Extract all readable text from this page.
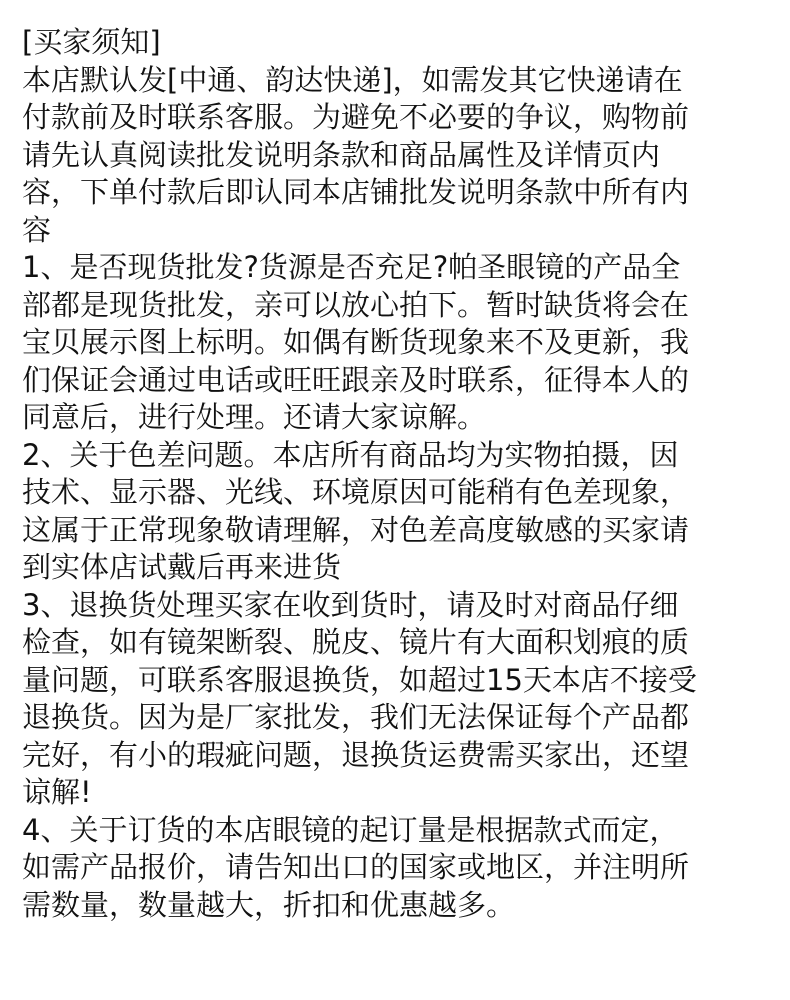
[买家须知]
本店默认发[中通、韵达快递]，如需发其它快递请在
付款前及时联系客服。为避免不必要的争议，购物前
请先认真阅读批发说明条款和商品属性及详情页内
容，下单付款后即认同本店铺批发说明条款中所有内
容
1、是否现货批发?货源是否充足?帕圣眼镜的产品全
部都是现货批发，亲可以放心拍下。暂时缺货将会在
宝贝展示图上标明。如偶有断货现象来不及更新，我
们保证会通过电话或旺旺跟亲及时联系，征得本人的
同意后，进行处理。还请大家谅解。
2、关于色差问题。本店所有商品均为实物拍摄，因
技术、显示器、光线、环境原因可能稍有色差现象，
这属于正常现象敬请理解，对色差高度敏感的买家请
到实体店试戴后再来进货
3、退换货处理买家在收到货时，请及时对商品仔细
检查，如有镜架断裂、脱皮、镜片有大面积划痕的质
量问题，可联系客服退换货，如超过15天本店不接受
退换货。因为是厂家批发，我们无法保证每个产品都
完好，有小的瑕疵问题，退换货运费需买家出，还望
谅解!
4、关于订货的本店眼镜的起订量是根据款式而定，
如需产品报价，请告知出口的国家或地区，并注明所
需数量，数量越大，折扣和优惠越多。
